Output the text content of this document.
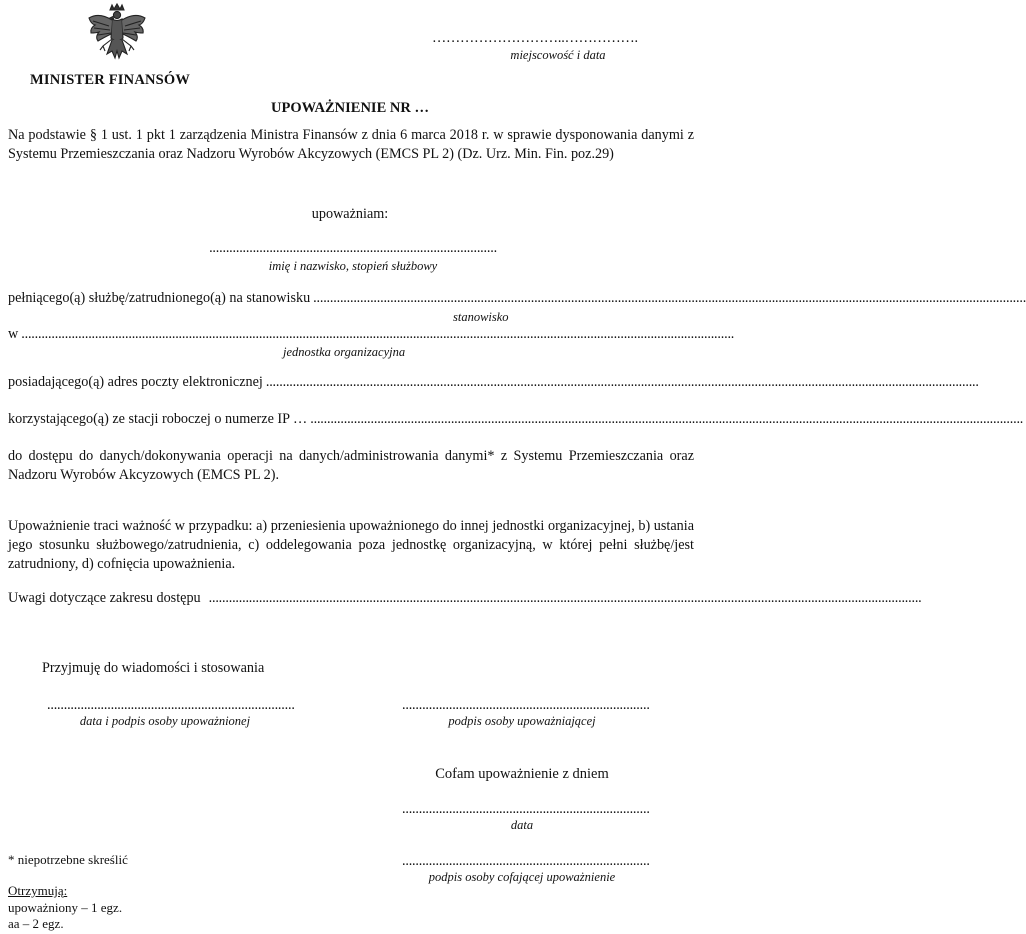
MINISTER FINANSÓW
………………………..…………….
miejscowość i data
UPOWAŻNIENIE NR …
Na podstawie § 1 ust. 1 pkt 1 zarządzenia Ministra Finansów z dnia 6 marca 2018 r. w sprawie dysponowania danymi z Systemu Przemieszczania oraz Nadzoru Wyrobów Akcyzowych (EMCS PL 2) (Dz. Urz. Min. Fin. poz.29)
upoważniam:
......................................................................................
imię i nazwisko, stopień służbowy
pełniącego(ą) służbę/zatrudnionego(ą) na stanowisku .....................................................................................................................................................................................................................
stanowisko
w .....................................................................................................................................................................................................................
jednostka organizacyjna
posiadającego(ą) adres poczty elektronicznej .....................................................................................................................................................................................................................
korzystającego(ą) ze stacji roboczej o numerze IP … .....................................................................................................................................................................................................................
do dostępu do danych/dokonywania operacji na danych/administrowania danymi* z Systemu Przemieszczania oraz Nadzoru Wyrobów Akcyzowych (EMCS PL 2).
Upoważnienie traci ważność w przypadku: a) przeniesienia upoważnionego do innej jednostki organizacyjnej, b) ustania jego stosunku służbowego/zatrudnienia, c) oddelegowania poza jednostkę organizacyjną, w której pełni służbę/jest zatrudniony, d) cofnięcia upoważnienia.
Uwagi dotyczące zakresu dostępu .....................................................................................................................................................................................................................
Przyjmuję do wiadomości i stosowania
..........................................................................
data i podpis osoby upoważnionej
..........................................................................
podpis osoby upoważniającej
Cofam upoważnienie z dniem
..........................................................................
data
* niepotrzebne skreślić	..........................................................................
podpis osoby cofającej upoważnienie
Otrzymują:
upoważniony – 1 egz.
aa – 2 egz.
